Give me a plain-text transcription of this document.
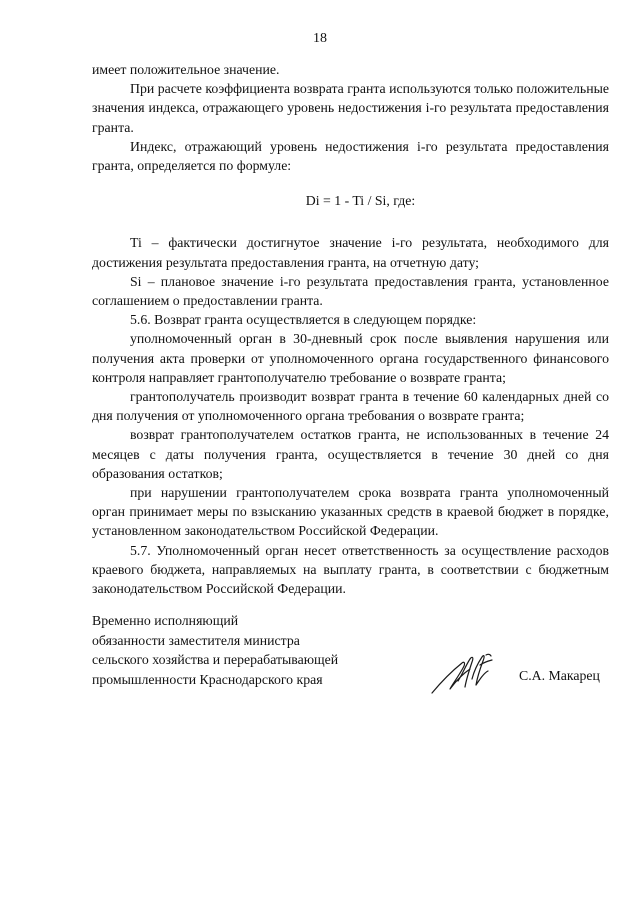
18

имеет положительное значение.

При расчете коэффициента возврата гранта используются только положительные значения индекса, отражающего уровень недостижения i-го результата предоставления гранта.

Индекс, отражающий уровень недостижения i-го результата предоставления гранта, определяется по формуле:

Di = 1 - Ti / Si, где:

Ti – фактически достигнутое значение i-го результата, необходимого для достижения результата предоставления гранта, на отчетную дату;

Si – плановое значение i-го результата предоставления гранта, установленное соглашением о предоставлении гранта.

5.6. Возврат гранта осуществляется в следующем порядке:

уполномоченный орган в 30-дневный срок после выявления нарушения или получения акта проверки от уполномоченного органа государственного финансового контроля направляет грантополучателю требование о возврате гранта;

грантополучатель производит возврат гранта в течение 60 календарных дней со дня получения от уполномоченного органа требования о возврате гранта;

возврат грантополучателем остатков гранта, не использованных в течение 24 месяцев с даты получения гранта, осуществляется в течение 30 дней со дня образования остатков;

при нарушении грантополучателем срока возврата гранта уполномоченный орган принимает меры по взысканию указанных средств в краевой бюджет в порядке, установленном законодательством Российской Федерации.

5.7. Уполномоченный орган несет ответственность за осуществление расходов краевого бюджета, направляемых на выплату гранта, в соответствии с бюджетным законодательством Российской Федерации.

Временно исполняющий
обязанности заместителя министра
сельского хозяйства и перерабатывающей
промышленности Краснодарского края	С.А. Макарец
